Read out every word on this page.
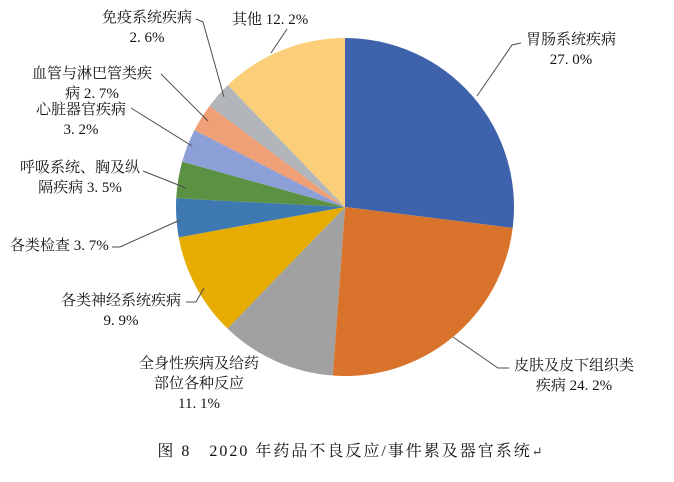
胃肠系统疾病
27. 0%
皮肤及皮下组织类
疾病 24. 2%
全身性疾病及给药
部位各种反应
11. 1%
各类神经系统疾病
9. 9%
各类检查 3. 7%
呼吸系统、胸及纵
隔疾病 3. 5%
心脏器官疾病
3. 2%
血管与淋巴管类疾
病 2. 7%
免疫系统疾病
2. 6%
其他 12. 2%
图 8　2020 年药品不良反应/事件累及器官系统↵
